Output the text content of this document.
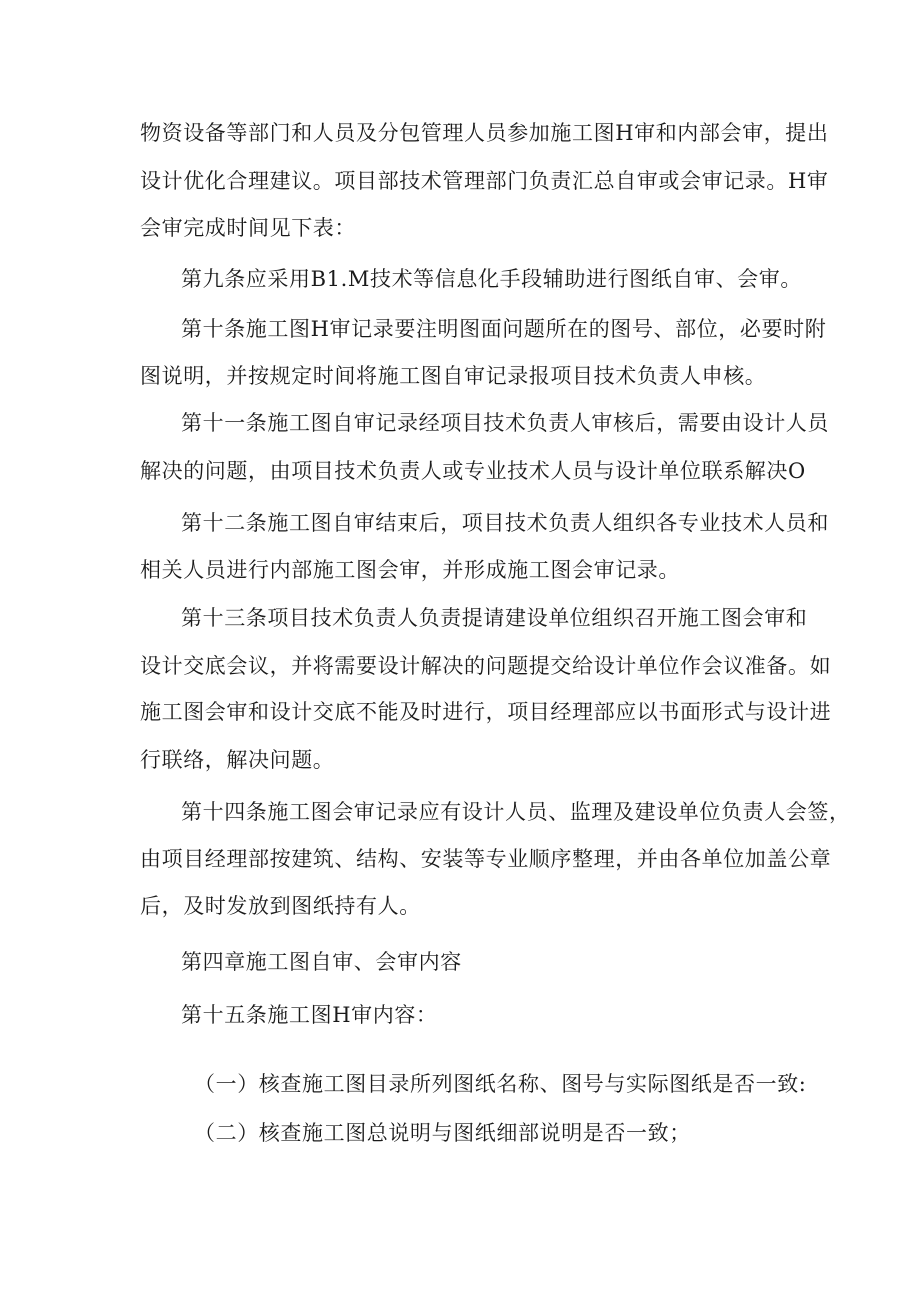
物资设备等部门和人员及分包管理人员参加施工图H审和内部会审，提出
设计优化合理建议。项目部技术管理部门负责汇总自审或会审记录。H审
会审完成时间见下表：
第九条应采用B1.M技术等信息化手段辅助进行图纸自审、会审。
第十条施工图H审记录要注明图面问题所在的图号、部位，必要时附
图说明，并按规定时间将施工图自审记录报项目技术负责人申核。
第十一条施工图自审记录经项目技术负责人审核后，需要由设计人员
解决的问题，由项目技术负责人或专业技术人员与设计单位联系解决O
第十二条施工图自审结束后，项目技术负责人组织各专业技术人员和
相关人员进行内部施工图会审，并形成施工图会审记录。
第十三条项目技术负责人负责提请建设单位组织召开施工图会审和
设计交底会议，并将需要设计解决的问题提交给设计单位作会议准备。如
施工图会审和设计交底不能及时进行，项目经理部应以书面形式与设计进
行联络，解决问题。
第十四条施工图会审记录应有设计人员、监理及建设单位负责人会签，
由项目经理部按建筑、结构、安装等专业顺序整理，并由各单位加盖公章
后，及时发放到图纸持有人。
第四章施工图自审、会审内容
第十五条施工图H审内容：
（一）核查施工图目录所列图纸名称、图号与实际图纸是否一致:
（二）核查施工图总说明与图纸细部说明是否一致；
